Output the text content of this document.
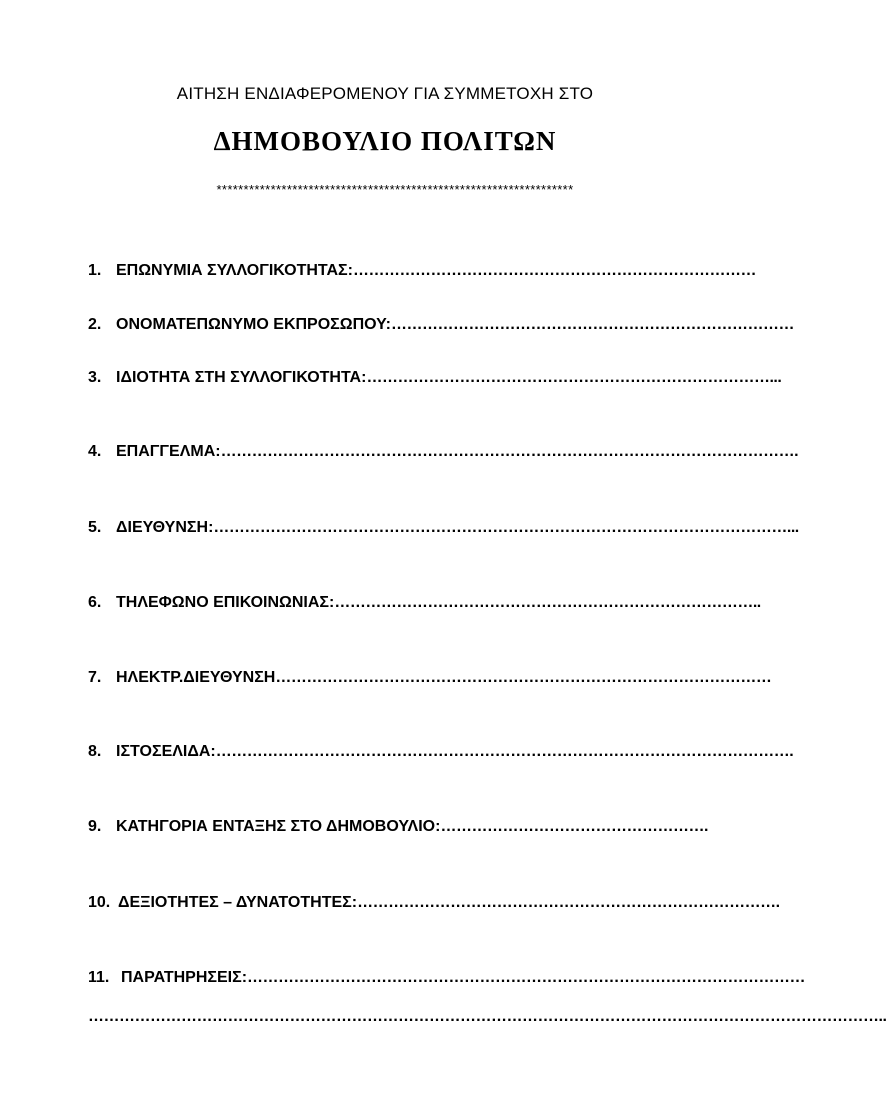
ΑΙΤΗΣΗ ΕΝΔΙΑΦΕΡΟΜΕΝΟΥ ΓΙΑ ΣΥΜΜΕΤΟΧΗ ΣΤΟ
ΔΗΜΟΒΟΥΛΙΟ ΠΟΛΙΤΩΝ
******************************************************************
1. ΕΠΩΝΥΜΙΑ ΣΥΛΛΟΓΙΚΟΤΗΤΑΣ: ……………………………………………………………………
2. ΟΝΟΜΑΤΕΠΩΝΥΜΟ ΕΚΠΡΟΣΩΠΟΥ: ……………………………………………………………………
3. ΙΔΙΟΤΗΤΑ ΣΤΗ ΣΥΛΛΟΓΙΚΟΤΗΤΑ: ……………………………………………………………………...
4. ΕΠΑΓΓΕΛΜΑ: ………………………………………………………………………………………………….
5. ΔΙΕΥΘΥΝΣΗ: …………………………………………………………………………………………………...
6. ΤΗΛΕΦΩΝΟ ΕΠΙΚΟΙΝΩΝΙΑΣ: ………………………………………………………………………..
7. ΗΛΕΚΤΡ.ΔΙΕΥΘΥΝΣΗ ……………………………………………………………………………………
8. ΙΣΤΟΣΕΛΙΔΑ: ………………………………………………………………………………………………….
9. ΚΑΤΗΓΟΡΙΑ ΕΝΤΑΞΗΣ ΣΤΟ ΔΗΜΟΒΟΥΛΙΟ: …………………………………………….
10. ΔΕΞΙΟΤΗΤΕΣ – ΔΥΝΑΤΟΤΗΤΕΣ: ……………………………………………………………………….
11. ΠΑΡΑΤΗΡΗΣΕΙΣ: ………………………………………………………………………………………………
………………………………………………………………………………………………………………………………………..
